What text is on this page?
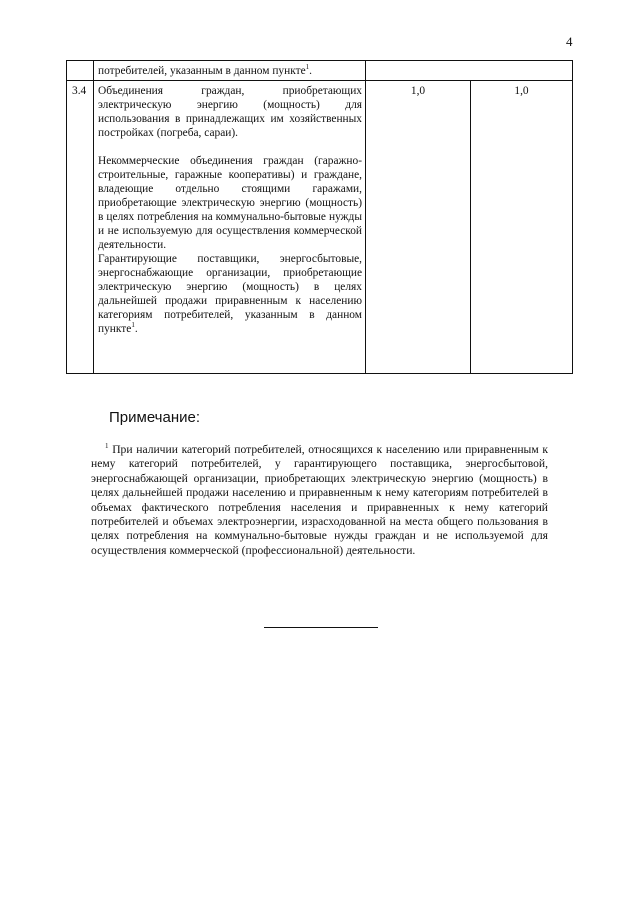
4

потребителей, указанным в данном пункте$^1$.

3.4 Объединения граждан, приобретающих электрическую энергию (мощность) для использования в принадлежащих им хозяйственных постройках (погреба, сараи).

Некоммерческие объединения граждан (гаражно-строительные, гаражные кооперативы) и граждане, владеющие отдельно стоящими гаражами, приобретающие электрическую энергию (мощность) в целях потребления на коммунально-бытовые нужды и не используемую для осуществления коммерческой деятельности.

Гарантирующие поставщики, энергосбытовые, энергоснабжающие организации, приобретающие электрическую энергию (мощность) в целях дальнейшей продажи приравненным к населению категориям потребителей, указанным в данном пункте$^1$.

1,0	1,0
Примечание:

$^1$ При наличии категорий потребителей, относящихся к населению или приравненным к нему категорий потребителей, у гарантирующего поставщика, энергосбытовой, энергоснабжающей организации, приобретающих электрическую энергию (мощность) в целях дальнейшей продажи населению и приравненным к нему категориям потребителей в объемах фактического потребления населения и приравненных к нему категорий потребителей и объемах электроэнергии, израсходованной на места общего пользования в целях потребления на коммунально-бытовые нужды граждан и не используемой для осуществления коммерческой (профессиональной) деятельности.
